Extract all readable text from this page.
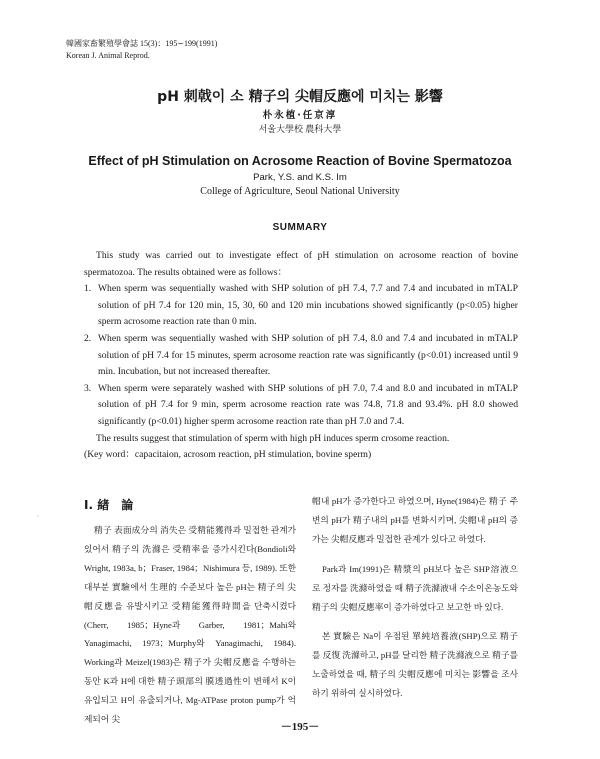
韓國家畜繁殖學會誌 15(3)：195∼199(1991)
Korean J. Animal Reprod.
pH 刺戟이 소 精子의 尖帽反應에 미치는 影響
朴永植·任京淳
서울大學校 農科大學
Effect of pH Stimulation on Acrosome Reaction of Bovine Spermatozoa
Park, Y.S. and K.S. Im
College of Agriculture, Seoul National University
SUMMARY

This study was carried out to investigate effect of pH stimulation on acrosome reaction of bovine spermatozoa. The results obtained were as follows：

1. When sperm was sequentially washed with SHP solution of pH 7.4, 7.7 and 7.4 and incubated in mTALP solution of pH 7.4 for 120 min, 15, 30, 60 and 120 min incubations showed significantly (p<0.05) higher sperm acrosome reaction rate than 0 min.
2. When sperm was sequentially washed with SHP solution of pH 7.4, 8.0 and 7.4 and incubated in mTALP solution of pH 7.4 for 15 minutes, sperm acrosome reaction rate was significantly (p<0.01) increased until 9 min. Incubation, but not increased thereafter.
3. When sperm were separately washed with SHP solutions of pH 7.0, 7.4 and 8.0 and incubated in mTALP solution of pH 7.4 for 9 min, sperm acrosome reaction rate was 74.8, 71.8 and 93.4%. pH 8.0 showed significantly (p<0.01) higher sperm acrosome reaction rate than pH 7.0 and 7.4.

The results suggest that stimulation of sperm with high pH induces sperm crosome reaction.

(Key word：capacitaion, acrosom reaction, pH stimulation, bovine sperm)

ˎ
Ⅰ. 緖　論

精子 表面成分의 消失은 受精能獲得과 밀접한 관계가 있어서 精子의 洗滌은 受精率을 증가시킨다(Bondioli와 Wright, 1983a, b；Fraser, 1984；Nishimura 등, 1989). 또한 대부분 實驗에서 生理的 수준보다 높은 pH는 精子의 尖帽反應을 유발시키고 受精能獲得時間을 단축시켰다(Cherr, 1985；Hyne과 Garber, 1981；Mahi와 Yanagimachi, 1973；Murphy와 Yanagimachi, 1984). Working과 Meizel(1983)은 精子가 尖帽反應을 수행하는 동안 K과 H에 대한 精子頭部의 膜透過性이 변해서 K이 유입되고 H이 유출되거나, Mg-ATPase proton pump가 억제되어 尖

帽내 pH가 증가한다고 하였으며, Hyne(1984)은 精子 주변의 pH가 精子내의 pH를 변화시키며, 尖帽내 pH의 증가는 尖帽反應과 밀접한 관계가 있다고 하였다.

Park과 Im(1991)은 精漿의 pH보다 높은 SHP溶液으로 정자를 洗滌하였을 때 精子洗滌液내 수소이온농도와 精子의 尖帽反應率이 증가하였다고 보고한 바 있다.

본 實驗은 Na이 우점된 單純培養液(SHP)으로 精子를 反復 洗滌하고, pH를 달리한 精子洗滌液으로 精子를 노출하였을 때, 精子의 尖帽反應에 미치는 影響을 조사하기 위하여 실시하였다.

－195－
